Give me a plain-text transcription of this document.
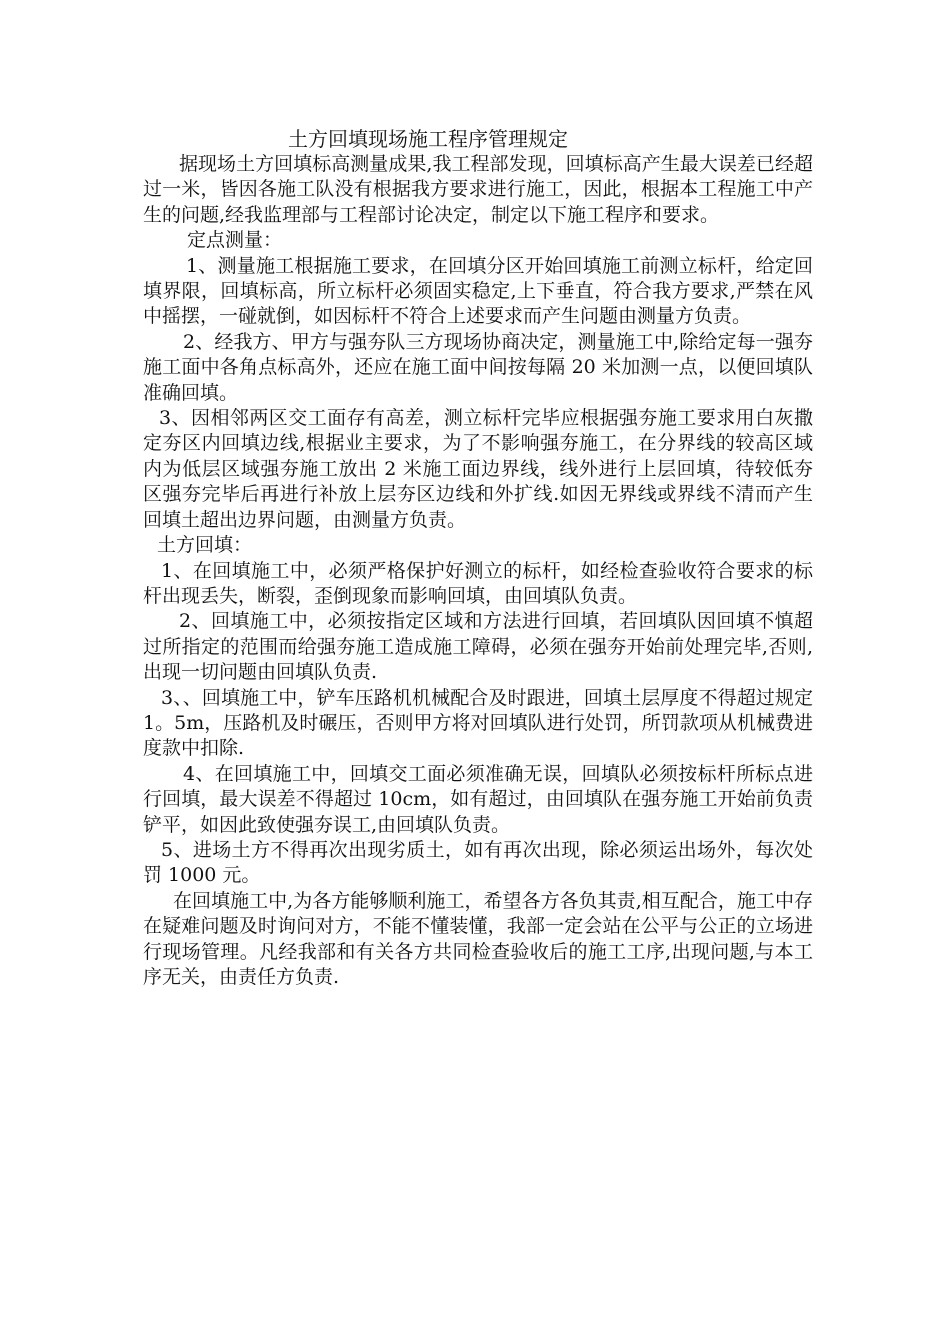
土方回填现场施工程序管理规定

据现场土方回填标高测量成果,我工程部发现，回填标高产生最大误差已经超过一米，皆因各施工队没有根据我方要求进行施工，因此，根据本工程施工中产生的问题,经我监理部与工程部讨论决定，制定以下施工程序和要求。

定点测量：

1、测量施工根据施工要求，在回填分区开始回填施工前测立标杆，给定回填界限，回填标高，所立标杆必须固实稳定,上下垂直，符合我方要求,严禁在风中摇摆，一碰就倒，如因标杆不符合上述要求而产生问题由测量方负责。

2、经我方、甲方与强夯队三方现场协商决定，测量施工中,除给定每一强夯施工面中各角点标高外，还应在施工面中间按每隔 20 米加测一点，以便回填队准确回填。

3、因相邻两区交工面存有高差，测立标杆完毕应根据强夯施工要求用白灰撒定夯区内回填边线,根据业主要求，为了不影响强夯施工，在分界线的较高区域内为低层区域强夯施工放出 2 米施工面边界线，线外进行上层回填，待较低夯区强夯完毕后再进行补放上层夯区边线和外扩线.如因无界线或界线不清而产生回填土超出边界问题，由测量方负责。

土方回填：

1、在回填施工中，必须严格保护好测立的标杆，如经检查验收符合要求的标杆出现丢失，断裂，歪倒现象而影响回填，由回填队负责。

2、回填施工中，必须按指定区域和方法进行回填，若回填队因回填不慎超过所指定的范围而给强夯施工造成施工障碍，必须在强夯开始前处理完毕,否则,出现一切问题由回填队负责.

3、、回填施工中，铲车压路机机械配合及时跟进，回填土层厚度不得超过规定 1。5m，压路机及时碾压，否则甲方将对回填队进行处罚，所罚款项从机械费进度款中扣除.

4、在回填施工中，回填交工面必须准确无误，回填队必须按标杆所标点进行回填，最大误差不得超过 10cm，如有超过，由回填队在强夯施工开始前负责铲平，如因此致使强夯误工,由回填队负责。

5、进场土方不得再次出现劣质土，如有再次出现，除必须运出场外，每次处罚 1000 元。

在回填施工中,为各方能够顺利施工，希望各方各负其责,相互配合，施工中存在疑难问题及时询问对方，不能不懂装懂，我部一定会站在公平与公正的立场进行现场管理。凡经我部和有关各方共同检查验收后的施工工序,出现问题,与本工序无关，由责任方负责.
